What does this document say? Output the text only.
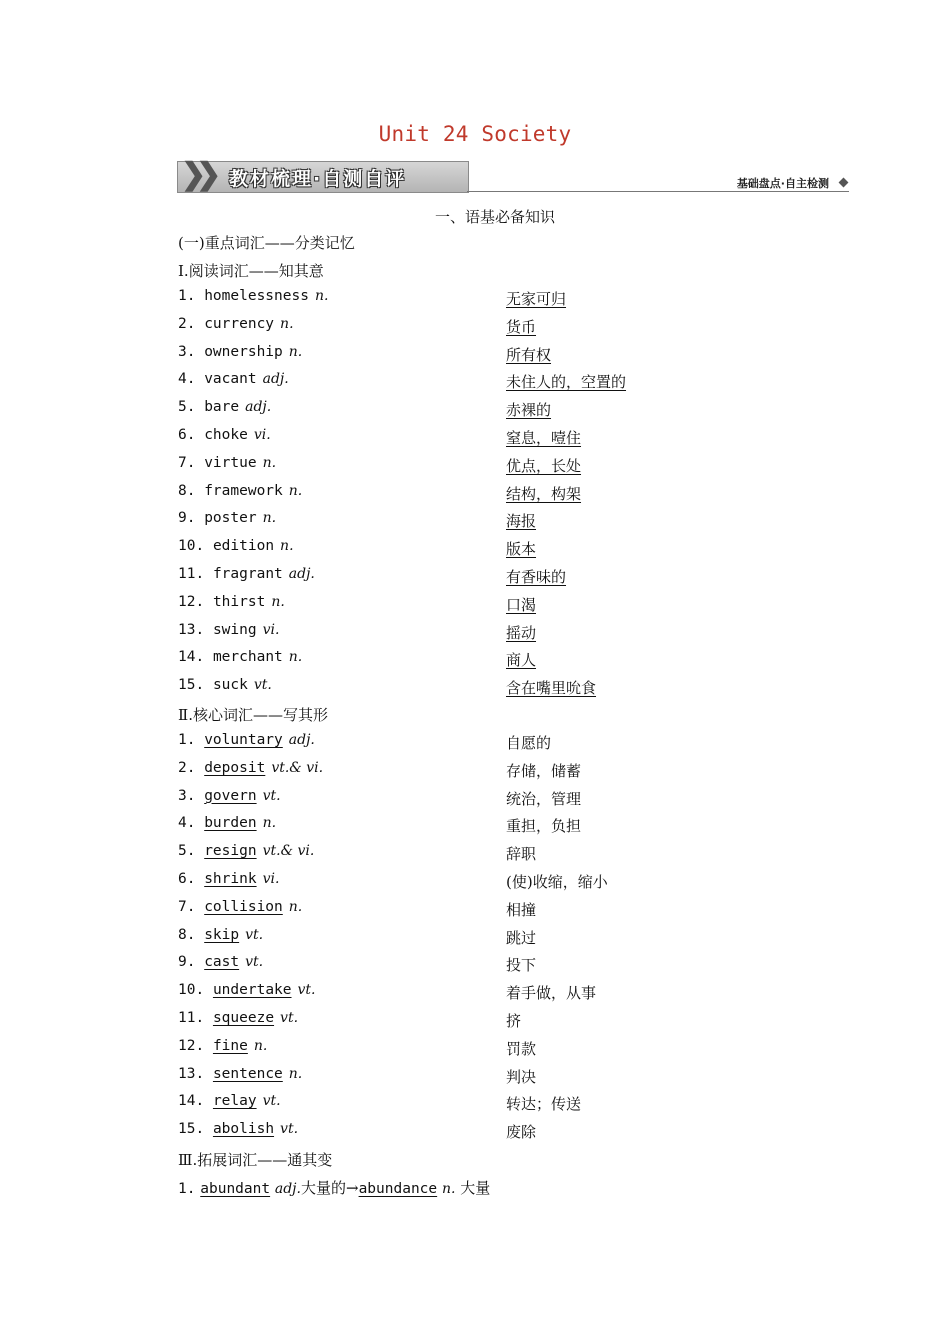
Unit 24 Society
❯❯ 教材梳理·自测自评	基础盘点·自主检测
一、语基必备知识
(一)重点词汇——分类记忆
Ⅰ.阅读词汇——知其意
1. homelessness n.	无家可归
2. currency n.	货币
3. ownership n.	所有权
4. vacant adj.	未住人的，空置的
5. bare adj.	赤裸的
6. choke vi.	窒息，噎住
7. virtue n.	优点，长处
8. framework n.	结构，构架
9. poster n.	海报
10. edition n.	版本
11. fragrant adj.	有香味的
12. thirst n.	口渴
13. swing vi.	摇动
14. merchant n.	商人
15. suck vt.	含在嘴里吮食
Ⅱ.核心词汇——写其形
1. voluntary adj.	自愿的
2. deposit vt.& vi.	存储，储蓄
3. govern vt.	统治，管理
4. burden n.	重担，负担
5. resign vt.& vi.	辞职
6. shrink vi.	(使)收缩，缩小
7. collision n.	相撞
8. skip vt.	跳过
9. cast vt.	投下
10. undertake vt.	着手做，从事
11. squeeze vt.	挤
12. fine n.	罚款
13. sentence n.	判决
14. relay vt.	转达；传送
15. abolish vt.	废除
Ⅲ.拓展词汇——通其变
1. abundant adj.大量的→abundance n. 大量
